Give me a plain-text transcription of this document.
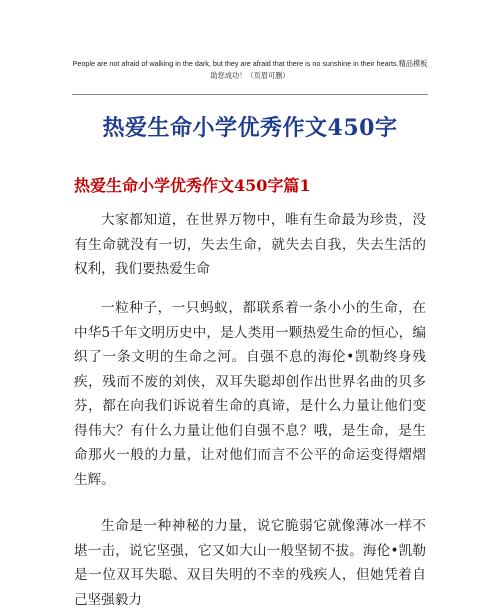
People are not afraid of walking in the dark, but they are afraid that there is no sunshine in their hearts.精品模板
助您成功！（页眉可删）
热爱生命小学优秀作文450字
热爱生命小学优秀作文450字篇1
大家都知道，在世界万物中，唯有生命最为珍贵，没有生命就没有一切，失去生命，就失去自我，失去生活的权利，我们要热爱生命
一粒种子，一只蚂蚁，都联系着一条小小的生命，在中华5千年文明历史中，是人类用一颗热爱生命的恒心，编织了一条文明的生命之河。自强不息的海伦•凯勒终身残疾，残而不废的刘侠，双耳失聪却创作出世界名曲的贝多芬，都在向我们诉说着生命的真谛，是什么力量让他们变得伟大？有什么力量让他们自强不息？哦，是生命，是生命那火一般的力量，让对他们而言不公平的命运变得熠熠生辉。
生命是一种神秘的力量，说它脆弱它就像薄冰一样不堪一击，说它坚强，它又如大山一般坚韧不拔。海伦•凯勒是一位双耳失聪、双目失明的不幸的残疾人，但她凭着自己坚强毅力
